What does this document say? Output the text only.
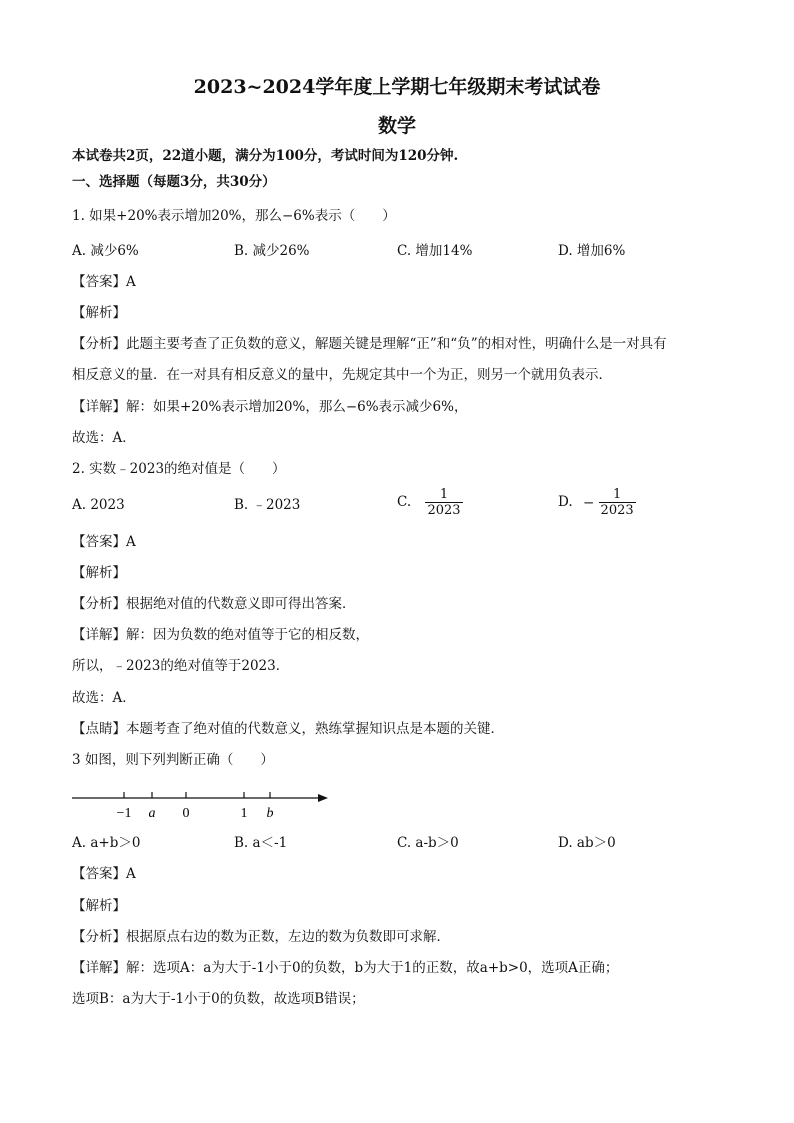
2023~2024学年度上学期七年级期末考试试卷
数学
本试卷共2页，22道小题，满分为100分，考试时间为120分钟.
一、选择题（每题3分，共30分）
1. 如果+20%表示增加20%，那么−6%表示（　　）
A. 减少6%	B. 减少26%	C. 增加14%	D. 增加6%
【答案】A
【解析】
【分析】此题主要考查了正负数的意义，解题关键是理解“正”和“负”的相对性，明确什么是一对具有
相反意义的量．在一对具有相反意义的量中，先规定其中一个为正，则另一个就用负表示．
【详解】解：如果+20%表示增加20%，那么−6%表示减少6%，
故选：A．
2. 实数﹣2023的绝对值是（　　）
A. 2023	B. ﹣2023	C. $\frac{1}{2023}$	D. − $\frac{1}{2023}$
【答案】A
【解析】
【分析】根据绝对值的代数意义即可得出答案．
【详解】解：因为负数的绝对值等于它的相反数，
所以，﹣2023的绝对值等于2023．
故选：A．
【点睛】本题考查了绝对值的代数意义，熟练掌握知识点是本题的关键．
3 如图，则下列判断正确（　　）
−1 a 0	1 b
A. a+b＞0	B. a＜-1	C. a-b＞0	D. ab＞0
【答案】A
【解析】
【分析】根据原点右边的数为正数，左边的数为负数即可求解．
【详解】解：选项A：a为大于-1小于0的负数，b为大于1的正数，故a+b>0，选项A正确；
选项B：a为大于-1小于0的负数，故选项B错误；
